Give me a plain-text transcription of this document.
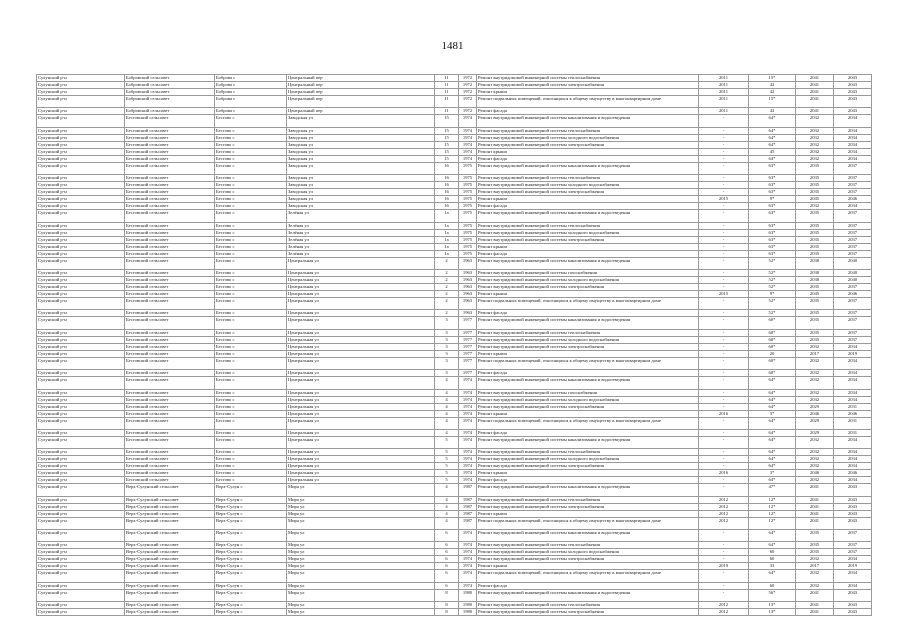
1481
Сулунский р-н	Бобровский сельсовет	Боброва с	Центральный пер	11	1972	Ремонт внутридомовой инженерной системы теплоснабжения	2011	15*	2041	2043
Сулунский р-н	Бобровский сельсовет	Боброва с	Центральный пер	11	1972	Ремонт внутридомовой инженерной системы электроснабжения	2011	42	2041	2043
Сулунский р-н	Бобровский сельсовет	Боброва с	Центральный пер	11	1972	Ремонт крыши	2011	42	2041	2043
Сулунский р-н	Бобровский сельсовет	Боброва с	Центральный пер	11	1972	Ремонт подвальных помещений, относящихся к общему имуществу в многоквартирном доме	2011	15*	2041	2043
Сулунский р-н	Бобровский сельсовет	Боброва с	Центральный пер	11	1972	Ремонт фасада	2011	42	2041	2043
Сулунский р-н	Бесговский сельсовет	Бесгово с	Заводская ул	15	1974	Ремонт внутридомовой инженерной системы канализования и водоотведения	-	64*	2032	2034
Сулунский р-н	Бесговский сельсовет	Бесгово с	Заводская ул	15	1974	Ремонт внутридомовой инженерной системы теплоснабжения	-	64*	2032	2034
Сулунский р-н	Бесговский сельсовет	Бесгово с	Заводская ул	15	1974	Ремонт внутридомовой инженерной системы холодного водоснабжения	-	64*	2032	2034
Сулунский р-н	Бесговский сельсовет	Бесгово с	Заводская ул	15	1974	Ремонт внутридомовой инженерной системы электроснабжения	-	64*	2032	2034
Сулунский р-н	Бесговский сельсовет	Бесгово с	Заводская ул	15	1974	Ремонт крыши	-	45	2032	2034
Сулунский р-н	Бесговский сельсовет	Бесгово с	Заводская ул	15	1974	Ремонт фасада	-	64*	2032	2034
Сулунский р-н	Бесговский сельсовет	Бесгово с	Заводская ул	16	1975	Ремонт внутридомовой инженерной системы канализования и водоотведения	-	63*	2035	2037
Сулунский р-н	Бесговский сельсовет	Бесгово с	Заводская ул	16	1975	Ремонт внутридомовой инженерной системы теплоснабжения	-	63*	2035	2037
Сулунский р-н	Бесговский сельсовет	Бесгово с	Заводская ул	16	1975	Ремонт внутридомовой инженерной системы холодного водоснабжения	-	63*	2035	2037
Сулунский р-н	Бесговский сельсовет	Бесгово с	Заводская ул	16	1975	Ремонт внутридомовой инженерной системы электроснабжения	-	63*	2035	2037
Сулунский р-н	Бесговский сельсовет	Бесгово с	Заводская ул	16	1975	Ремонт крыши	2015	9*	2045	2046
Сулунский р-н	Бесговский сельсовет	Бесгово с	Заводская ул	16	1975	Ремонт фасада	-	63*	2032	2034
Сулунский р-н	Бесговский сельсовет	Бесгово с	Зелёная ул	1а	1975	Ремонт внутридомовой инженерной системы канализования и водоотведения	-	63*	2035	2037
Сулунский р-н	Бесговский сельсовет	Бесгово с	Зелёная ул	1а	1975	Ремонт внутридомовой инженерной системы теплоснабжения	-	63*	2035	2037
Сулунский р-н	Бесговский сельсовет	Бесгово с	Зелёная ул	1а	1975	Ремонт внутридомовой инженерной системы холодного водоснабжения	-	63*	2035	2037
Сулунский р-н	Бесговский сельсовет	Бесгово с	Зелёная ул	1а	1975	Ремонт внутридомовой инженерной системы электроснабжения	-	63*	2035	2037
Сулунский р-н	Бесговский сельсовет	Бесгово с	Зелёная ул	1а	1975	Ремонт крыши	-	63*	2035	2037
Сулунский р-н	Бесговский сельсовет	Бесгово с	Зелёная ул	1а	1975	Ремонт фасада	-	63*	2035	2037
Сулунский р-н	Бесговский сельсовет	Бесгово с	Центральная ул	2	1963	Ремонт внутридомовой инженерной системы канализования и водоотведения	-	52*	2038	2040
Сулунский р-н	Бесговский сельсовет	Бесгово с	Центральная ул	2	1963	Ремонт внутридомовой инженерной системы газоснабжения	-	52*	2038	2040
Сулунский р-н	Бесговский сельсовет	Бесгово с	Центральная ул	2	1963	Ремонт внутридомовой инженерной системы холодного водоснабжения	-	52*	2038	2040
Сулунский р-н	Бесговский сельсовет	Бесгово с	Центральная ул	2	1963	Ремонт внутридомовой инженерной системы электроснабжения	-	52*	2035	2037
Сулунский р-н	Бесговский сельсовет	Бесгово с	Центральная ул	2	1963	Ремонт крыши	2015	9*	2045	2046
Сулунский р-н	Бесговский сельсовет	Бесгово с	Центральная ул	2	1963	Ремонт подвальных помещений, относящихся к общему имуществу в многоквартирном доме	-	52*	2035	2037
Сулунский р-н	Бесговский сельсовет	Бесгово с	Центральная ул	2	1963	Ремонт фасада	-	52*	2035	2037
Сулунский р-н	Бесговский сельсовет	Бесгово с	Центральная ул	3	1977	Ремонт внутридомовой инженерной системы канализования и водоотведения	-	60*	2035	2037
Сулунский р-н	Бесговский сельсовет	Бесгово с	Центральная ул	3	1977	Ремонт внутридомовой инженерной системы теплоснабжения	-	60*	2035	2037
Сулунский р-н	Бесговский сельсовет	Бесгово с	Центральная ул	3	1977	Ремонт внутридомовой инженерной системы холодного водоснабжения	-	60*	2035	2037
Сулунский р-н	Бесговский сельсовет	Бесгово с	Центральная ул	3	1977	Ремонт внутридомовой инженерной системы электроснабжения	-	60*	2032	2034
Сулунский р-н	Бесговский сельсовет	Бесгово с	Центральная ул	3	1977	Ремонт крыши	-	20	2017	2019
Сулунский р-н	Бесговский сельсовет	Бесгово с	Центральная ул	3	1977	Ремонт подвальных помещений, относящихся к общему имуществу в многоквартирном доме	-	60*	2032	2034
Сулунский р-н	Бесговский сельсовет	Бесгово с	Центральная ул	3	1977	Ремонт фасада	-	60*	2032	2034
Сулунский р-н	Бесговский сельсовет	Бесгово с	Центральная ул	4	1974	Ремонт внутридомовой инженерной системы канализования и водоотведения	-	64*	2032	2034
Сулунский р-н	Бесговский сельсовет	Бесгово с	Центральная ул	4	1974	Ремонт внутридомовой инженерной системы газоснабжения	-	64*	2032	2034
Сулунский р-н	Бесговский сельсовет	Бесгово с	Центральная ул	4	1974	Ремонт внутридомовой инженерной системы холодного водоснабжения	-	64*	2032	2034
Сулунский р-н	Бесговский сельсовет	Бесгово с	Центральная ул	4	1974	Ремонт внутридомовой инженерной системы электроснабжения	-	64*	2029	2031
Сулунский р-н	Бесговский сельсовет	Бесгово с	Центральная ул	4	1974	Ремонт крыши	2016	3*	2046	2046
Сулунский р-н	Бесговский сельсовет	Бесгово с	Центральная ул	4	1974	Ремонт подвальных помещений, относящихся к общему имуществу в многоквартирном доме	-	64*	2029	2031
Сулунский р-н	Бесговский сельсовет	Бесгово с	Центральная ул	4	1974	Ремонт фасада	-	64*	2029	2031
Сулунский р-н	Бесговский сельсовет	Бесгово с	Центральная ул	5	1974	Ремонт внутридомовой инженерной системы канализования и водоотведения	-	64*	2032	2034
Сулунский р-н	Бесговский сельсовет	Бесгово с	Центральная ул	5	1974	Ремонт внутридомовой инженерной системы теплоснабжения	-	64*	2032	2034
Сулунский р-н	Бесговский сельсовет	Бесгово с	Центральная ул	5	1974	Ремонт внутридомовой инженерной системы холодного водоснабжения	-	64*	2032	2034
Сулунский р-н	Бесговский сельсовет	Бесгово с	Центральная ул	5	1974	Ремонт внутридомовой инженерной системы электроснабжения	-	64*	2032	2034
Сулунский р-н	Бесговский сельсовет	Бесгово с	Центральная ул	5	1974	Ремонт крыши	2016	3*	2046	2046
Сулунский р-н	Бесговский сельсовет	Бесгово с	Центральная ул	5	1974	Ремонт фасада	-	64*	2032	2034
Сулунский р-н	Верх-Сулунский сельсовет	Верх-Сулун с	Мира ул	4	1987	Ремонт внутридомовой инженерной системы канализования и водоотведения	-	47*	2041	2043
Сулунский р-н	Верх-Сулунский сельсовет	Верх-Сулун с	Мира ул	4	1987	Ремонт внутридомовой инженерной системы теплоснабжения	2012	12*	2041	2043
Сулунский р-н	Верх-Сулунский сельсовет	Верх-Сулун с	Мира ул	4	1987	Ремонт внутридомовой инженерной системы электроснабжения	2012	12*	2041	2043
Сулунский р-н	Верх-Сулунский сельсовет	Верх-Сулун с	Мира ул	4	1987	Ремонт крыши	2012	12*	2041	2043
Сулунский р-н	Верх-Сулунский сельсовет	Верх-Сулун с	Мира ул	4	1987	Ремонт подвальных помещений, относящихся к общему имуществу в многоквартирном доме	2012	12*	2041	2043
Сулунский р-н	Верх-Сулунский сельсовет	Верх-Сулун с	Мира ул	6	1974	Ремонт внутридомовой инженерной системы канализования и водоотведения	-	64*	2035	2037
Сулунский р-н	Верх-Сулунский сельсовет	Верх-Сулун с	Мира ул	6	1974	Ремонт внутридомовой инженерной системы теплоснабжения	-	64*	2035	2037
Сулунский р-н	Верх-Сулунский сельсовет	Верх-Сулун с	Мира ул	6	1974	Ремонт внутридомовой инженерной системы холодного водоснабжения	-	60	2035	2037
Сулунский р-н	Верх-Сулунский сельсовет	Верх-Сулун с	Мира ул	6	1974	Ремонт внутридомовой инженерной системы электроснабжения	-	60	2032	2034
Сулунский р-н	Верх-Сулунский сельсовет	Верх-Сулун с	Мира ул	6	1974	Ремонт крыши	2019	33	2017	2019
Сулунский р-н	Верх-Сулунский сельсовет	Верх-Сулун с	Мира ул	6	1974	Ремонт подвальных помещений, относящихся к общему имуществу в многоквартирном доме	-	64*	2032	2034
Сулунский р-н	Верх-Сулунский сельсовет	Верх-Сулун с	Мира ул	6	1974	Ремонт фасада	-	60	2032	2034
Сулунский р-н	Верх-Сулунский сельсовет	Верх-Сулун с	Мира ул	8	1980	Ремонт внутридомовой инженерной системы канализования и водоотведения	-	56*	2041	2043
Сулунский р-н	Верх-Сулунский сельсовет	Верх-Сулун с	Мира ул	8	1980	Ремонт внутридомовой инженерной системы теплоснабжения	2012	13*	2041	2043
Сулунский р-н	Верх-Сулунский сельсовет	Верх-Сулун с	Мира ул	8	1980	Ремонт внутридомовой инженерной системы электроснабжения	2012	13*	2041	2043
